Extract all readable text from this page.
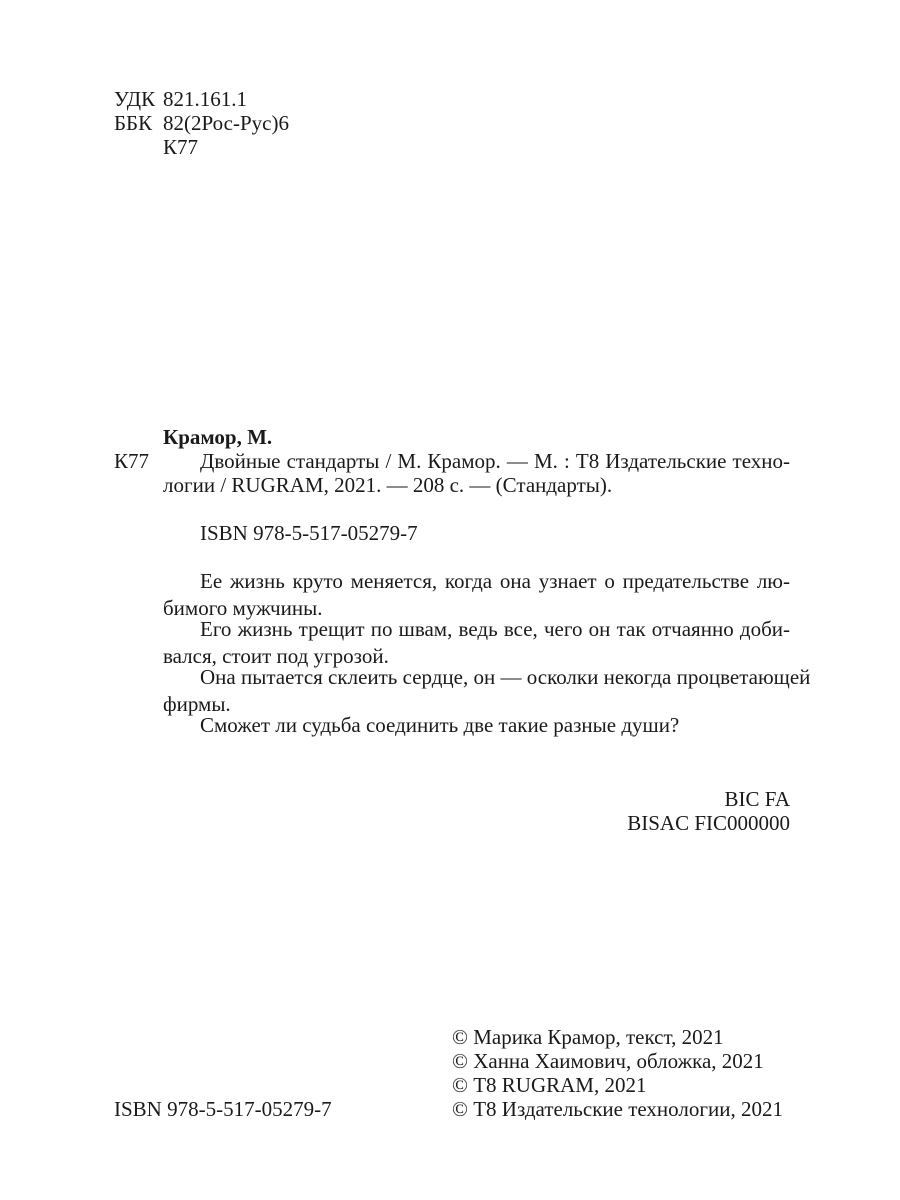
УДК 821.161.1
ББК 82(2Рос-Рус)6
К77
Крамор, М.
К77 Двойные стандарты / М. Крамор. — М. : Т8 Издательские техно-
логии / RUGRAM, 2021. — 208 с. — (Стандарты).
ISBN 978-5-517-05279-7
Ее жизнь круто меняется, когда она узнает о предательстве лю-
бимого мужчины.
Его жизнь трещит по швам, ведь все, чего он так отчаянно доби-
вался, стоит под угрозой.
Она пытается склеить сердце, он — осколки некогда процветающей
фирмы.
Сможет ли судьба соединить две такие разные души?
BIC FA
BISAC FIC000000
© Марика Крамор, текст, 2021
© Ханна Хаимович, обложка, 2021
© Т8 RUGRAM, 2021
© Т8 Издательские технологии, 2021
ISBN 978-5-517-05279-7
